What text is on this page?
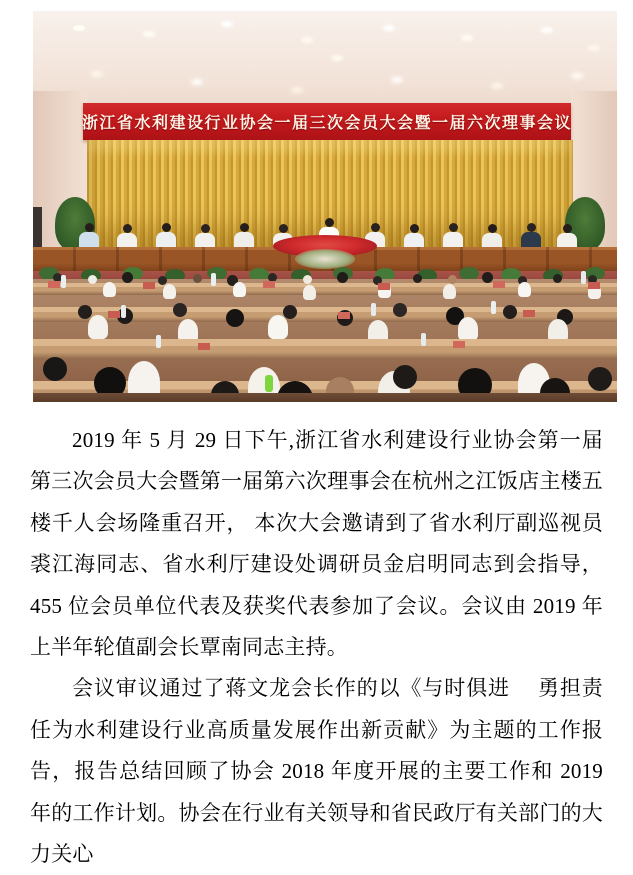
浙江省水利建设行业协会一届三次会员大会暨一届六次理事会议

2019 年 5 月 29 日下午,浙江省水利建设行业协会第一届第三次会员大会暨第一届第六次理事会在杭州之江饭店主楼五楼千人会场隆重召开， 本次大会邀请到了省水利厅副巡视员裘江海同志、省水利厅建设处调研员金启明同志到会指导，455 位会员单位代表及获奖代表参加了会议。会议由 2019 年上半年轮值副会长覃南同志主持。

会议审议通过了蒋文龙会长作的以《与时俱进　 勇担责任为水利建设行业高质量发展作出新贡献》为主题的工作报告，报告总结回顾了协会 2018 年度开展的主要工作和 2019 年的工作计划。协会在行业有关领导和省民政厅有关部门的大力关心
